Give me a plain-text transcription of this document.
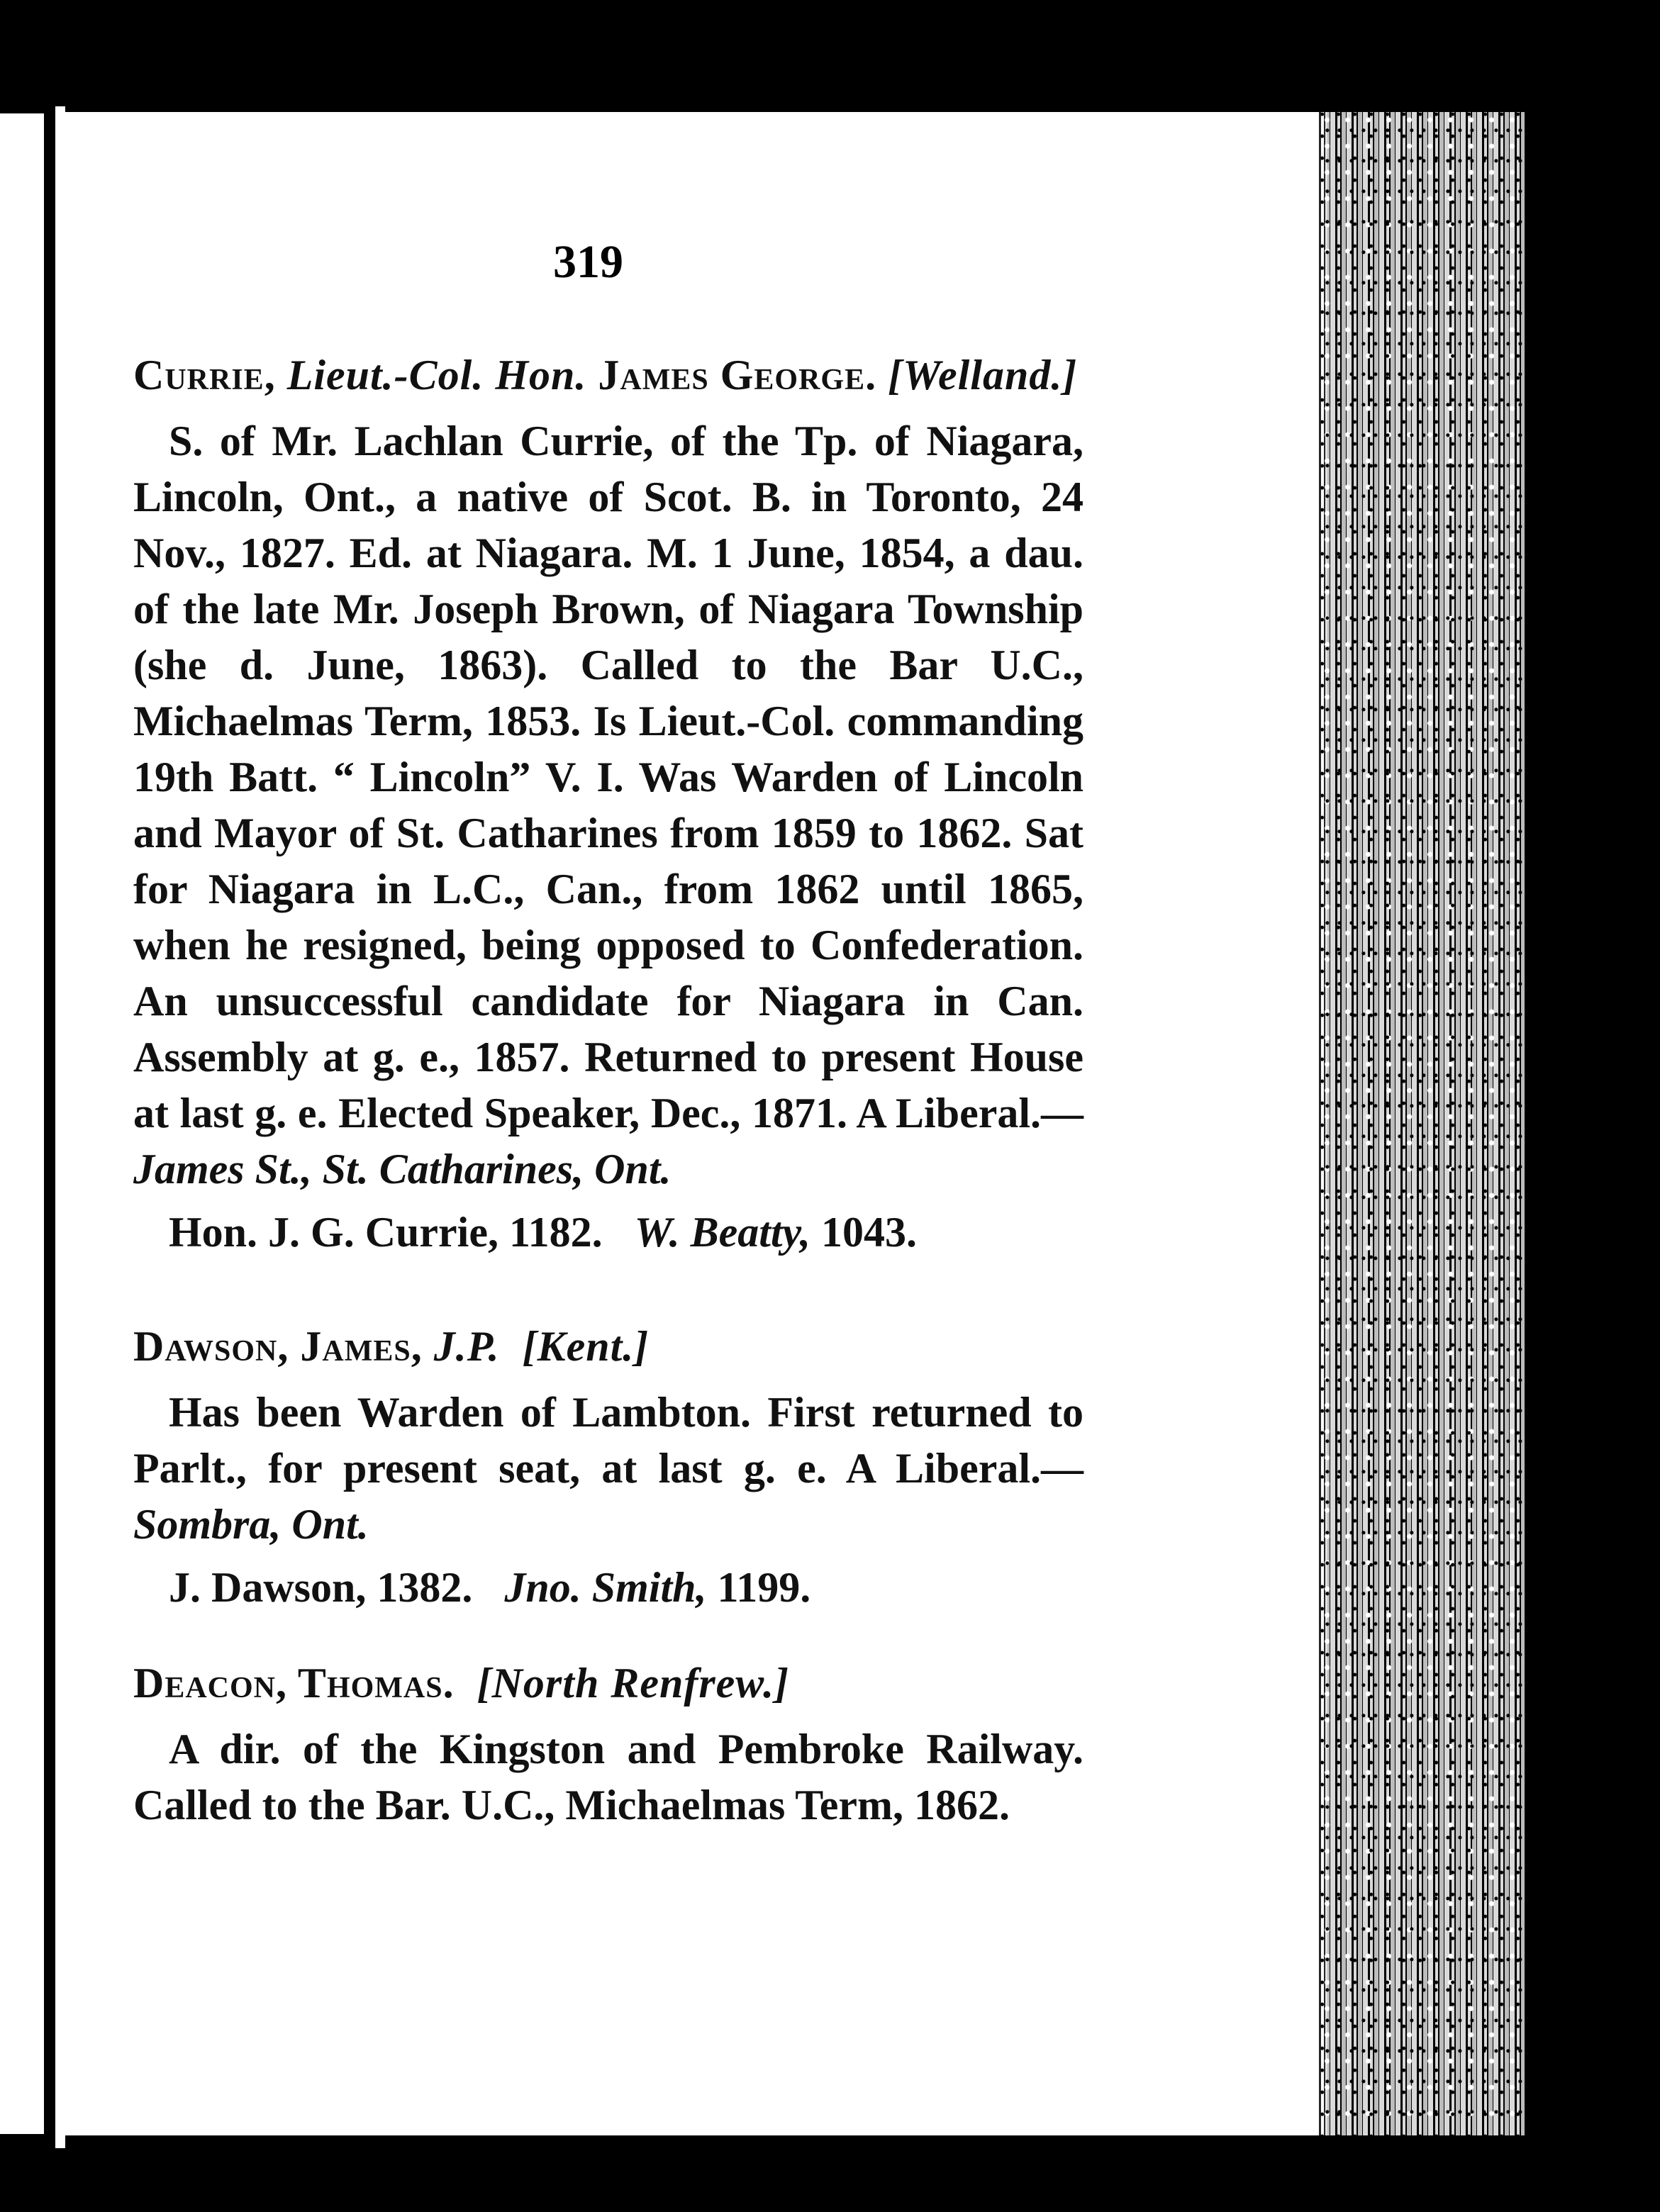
319

Currie, Lieut.-Col. Hon. James George. [Welland.]

S. of Mr. Lachlan Currie, of the Tp. of Niagara, Lincoln, Ont., a native of Scot. B. in Toronto, 24 Nov., 1827. Ed. at Niagara. M. 1 June, 1854, a dau. of the late Mr. Joseph Brown, of Niagara Township (she d. June, 1863). Called to the Bar U.C., Michaelmas Term, 1853. Is Lieut.-Col. commanding 19th Batt. “ Lincoln” V. I. Was Warden of Lincoln and Mayor of St. Catharines from 1859 to 1862. Sat for Niagara in L.C., Can., from 1862 until 1865, when he resigned, being opposed to Confederation. An unsuccessful candidate for Niagara in Can. Assembly at g. e., 1857. Returned to present House at last g. e. Elected Speaker, Dec., 1871. A Liberal.—James St., St. Catharines, Ont.

Hon. J. G. Currie, 1182. W. Beatty, 1043.

Dawson, James, J.P. [Kent.]

Has been Warden of Lambton. First returned to Parlt., for present seat, at last g. e. A Liberal.—Sombra, Ont.

J. Dawson, 1382. Jno. Smith, 1199.

Deacon, Thomas. [North Renfrew.]

A dir. of the Kingston and Pembroke Railway. Called to the Bar. U.C., Michaelmas Term, 1862.
